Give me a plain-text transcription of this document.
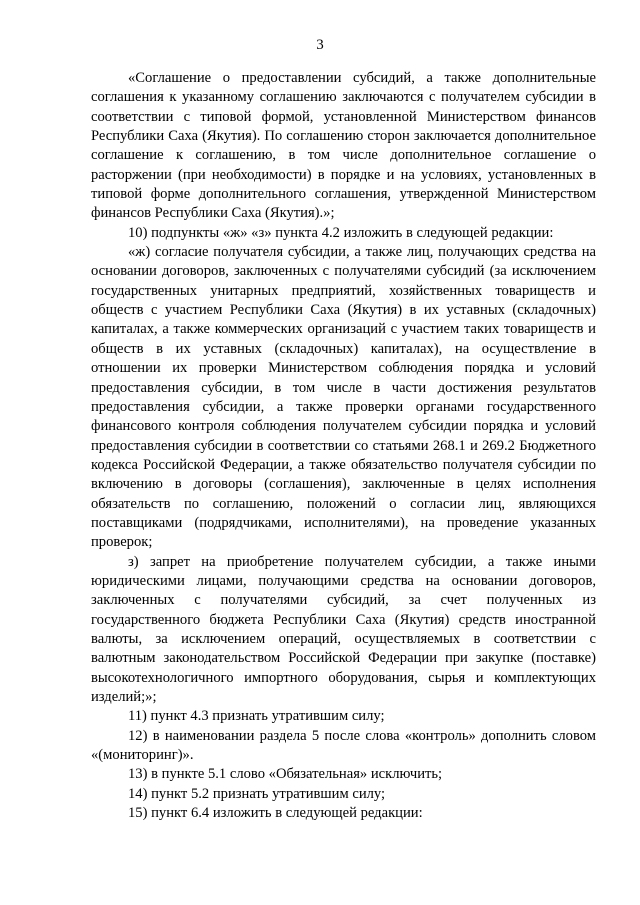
3

«Соглашение о предоставлении субсидий, а также дополнительные соглашения к указанному соглашению заключаются с получателем субсидии в соответствии с типовой формой, установленной Министерством финансов Республики Саха (Якутия). По соглашению сторон заключается дополнительное соглашение к соглашению, в том числе дополнительное соглашение о расторжении (при необходимости) в порядке и на условиях, установленных в типовой форме дополнительного соглашения, утвержденной Министерством финансов Республики Саха (Якутия).»;

10) подпункты «ж» «з» пункта 4.2 изложить в следующей редакции:

«ж) согласие получателя субсидии, а также лиц, получающих средства на основании договоров, заключенных с получателями субсидий (за исключением государственных унитарных предприятий, хозяйственных товариществ и обществ с участием Республики Саха (Якутия) в их уставных (складочных) капиталах, а также коммерческих организаций с участием таких товариществ и обществ в их уставных (складочных) капиталах), на осуществление в отношении их проверки Министерством соблюдения порядка и условий предоставления субсидии, в том числе в части достижения результатов предоставления субсидии, а также проверки органами государственного финансового контроля соблюдения получателем субсидии порядка и условий предоставления субсидии в соответствии со статьями 268.1 и 269.2 Бюджетного кодекса Российской Федерации, а также обязательство получателя субсидии по включению в договоры (соглашения), заключенные в целях исполнения обязательств по соглашению, положений о согласии лиц, являющихся поставщиками (подрядчиками, исполнителями), на проведение указанных проверок;

з) запрет на приобретение получателем субсидии, а также иными юридическими лицами, получающими средства на основании договоров, заключенных с получателями субсидий, за счет полученных из государственного бюджета Республики Саха (Якутия) средств иностранной валюты, за исключением операций, осуществляемых в соответствии с валютным законодательством Российской Федерации при закупке (поставке) высокотехнологичного импортного оборудования, сырья и комплектующих изделий;»;

11) пункт 4.3 признать утратившим силу;

12) в наименовании раздела 5 после слова «контроль» дополнить словом «(мониторинг)».

13) в пункте 5.1 слово «Обязательная» исключить;

14) пункт 5.2 признать утратившим силу;

15) пункт 6.4 изложить в следующей редакции:
